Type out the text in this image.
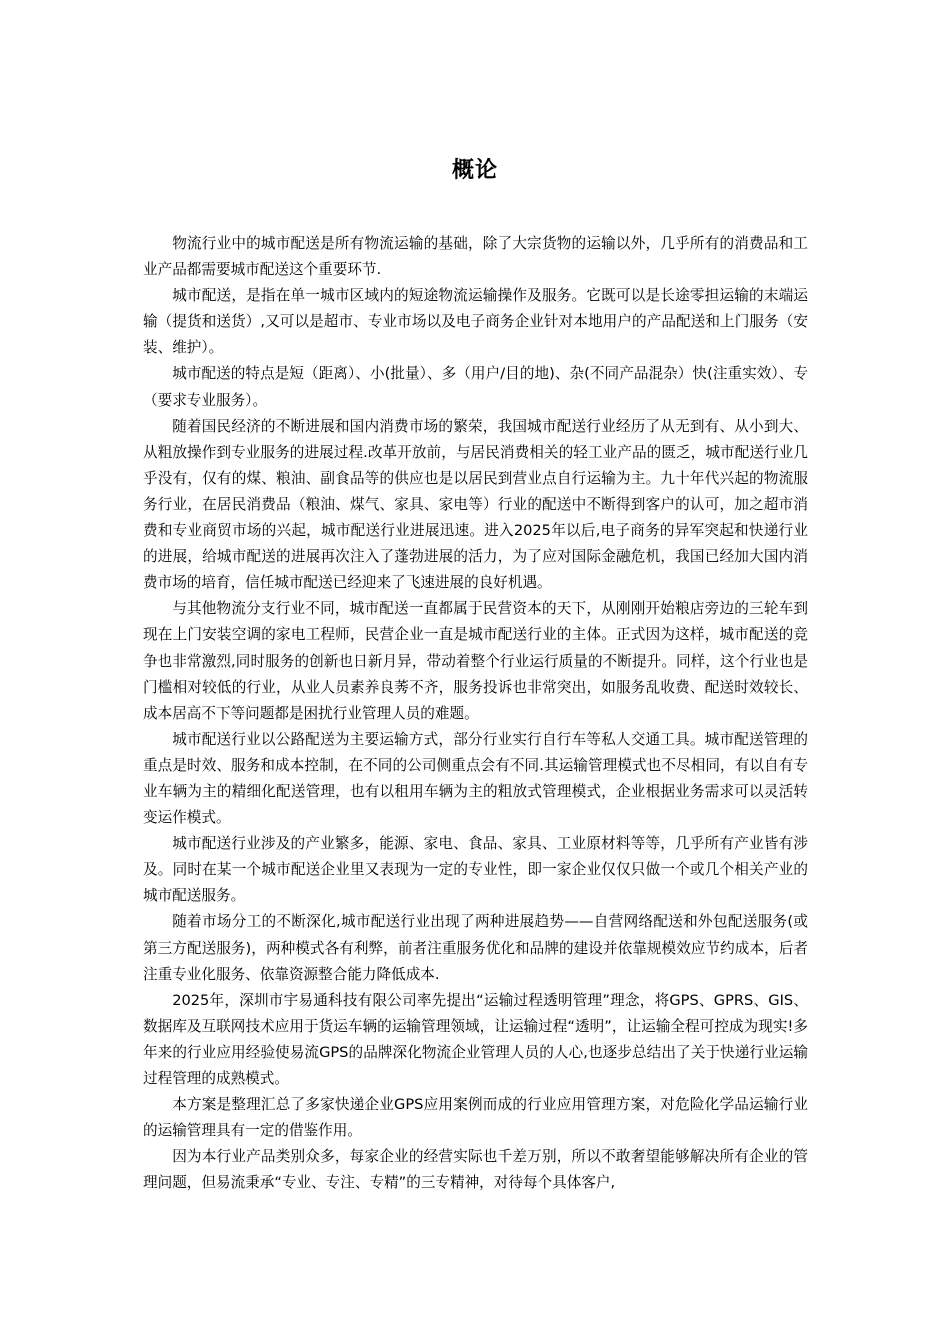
概论

物流行业中的城市配送是所有物流运输的基础，除了大宗货物的运输以外，几乎所有的消费品和工业产品都需要城市配送这个重要环节.

城市配送，是指在单一城市区域内的短途物流运输操作及服务。它既可以是长途零担运输的末端运输（提货和送货）,又可以是超市、专业市场以及电子商务企业针对本地用户的产品配送和上门服务（安装、维护）。

城市配送的特点是短（距离）、小(批量）、多（用户/目的地)、杂(不同产品混杂）快(注重实效）、专（要求专业服务）。

随着国民经济的不断进展和国内消费市场的繁荣，我国城市配送行业经历了从无到有、从小到大、从粗放操作到专业服务的进展过程.改革开放前，与居民消费相关的轻工业产品的匮乏，城市配送行业几乎没有，仅有的煤、粮油、副食品等的供应也是以居民到营业点自行运输为主。九十年代兴起的物流服务行业，在居民消费品（粮油、煤气、家具、家电等）行业的配送中不断得到客户的认可，加之超市消费和专业商贸市场的兴起，城市配送行业进展迅速。进入2025年以后,电子商务的异军突起和快递行业的进展，给城市配送的进展再次注入了蓬勃进展的活力，为了应对国际金融危机，我国已经加大国内消费市场的培育，信任城市配送已经迎来了飞速进展的良好机遇。

与其他物流分支行业不同，城市配送一直都属于民营资本的天下，从刚刚开始粮店旁边的三轮车到现在上门安装空调的家电工程师，民营企业一直是城市配送行业的主体。正式因为这样，城市配送的竞争也非常激烈,同时服务的创新也日新月异，带动着整个行业运行质量的不断提升。同样，这个行业也是门槛相对较低的行业，从业人员素养良莠不齐，服务投诉也非常突出，如服务乱收费、配送时效较长、成本居高不下等问题都是困扰行业管理人员的难题。

城市配送行业以公路配送为主要运输方式，部分行业实行自行车等私人交通工具。城市配送管理的重点是时效、服务和成本控制，在不同的公司侧重点会有不同.其运输管理模式也不尽相同，有以自有专业车辆为主的精细化配送管理，也有以租用车辆为主的粗放式管理模式，企业根据业务需求可以灵活转变运作模式。

城市配送行业涉及的产业繁多，能源、家电、食品、家具、工业原材料等等，几乎所有产业皆有涉及。同时在某一个城市配送企业里又表现为一定的专业性，即一家企业仅仅只做一个或几个相关产业的城市配送服务。

随着市场分工的不断深化,城市配送行业出现了两种进展趋势——自营网络配送和外包配送服务(或第三方配送服务)，两种模式各有利弊，前者注重服务优化和品牌的建设并依靠规模效应节约成本，后者注重专业化服务、依靠资源整合能力降低成本.

2025年，深圳市宇易通科技有限公司率先提出“运输过程透明管理”理念，将GPS、GPRS、GIS、数据库及互联网技术应用于货运车辆的运输管理领域，让运输过程“透明”，让运输全程可控成为现实!多年来的行业应用经验使易流GPS的品牌深化物流企业管理人员的人心,也逐步总结出了关于快递行业运输过程管理的成熟模式。

本方案是整理汇总了多家快递企业GPS应用案例而成的行业应用管理方案，对危险化学品运输行业的运输管理具有一定的借鉴作用。

因为本行业产品类别众多，每家企业的经营实际也千差万别，所以不敢奢望能够解决所有企业的管理问题，但易流秉承“专业、专注、专精”的三专精神，对待每个具体客户,
